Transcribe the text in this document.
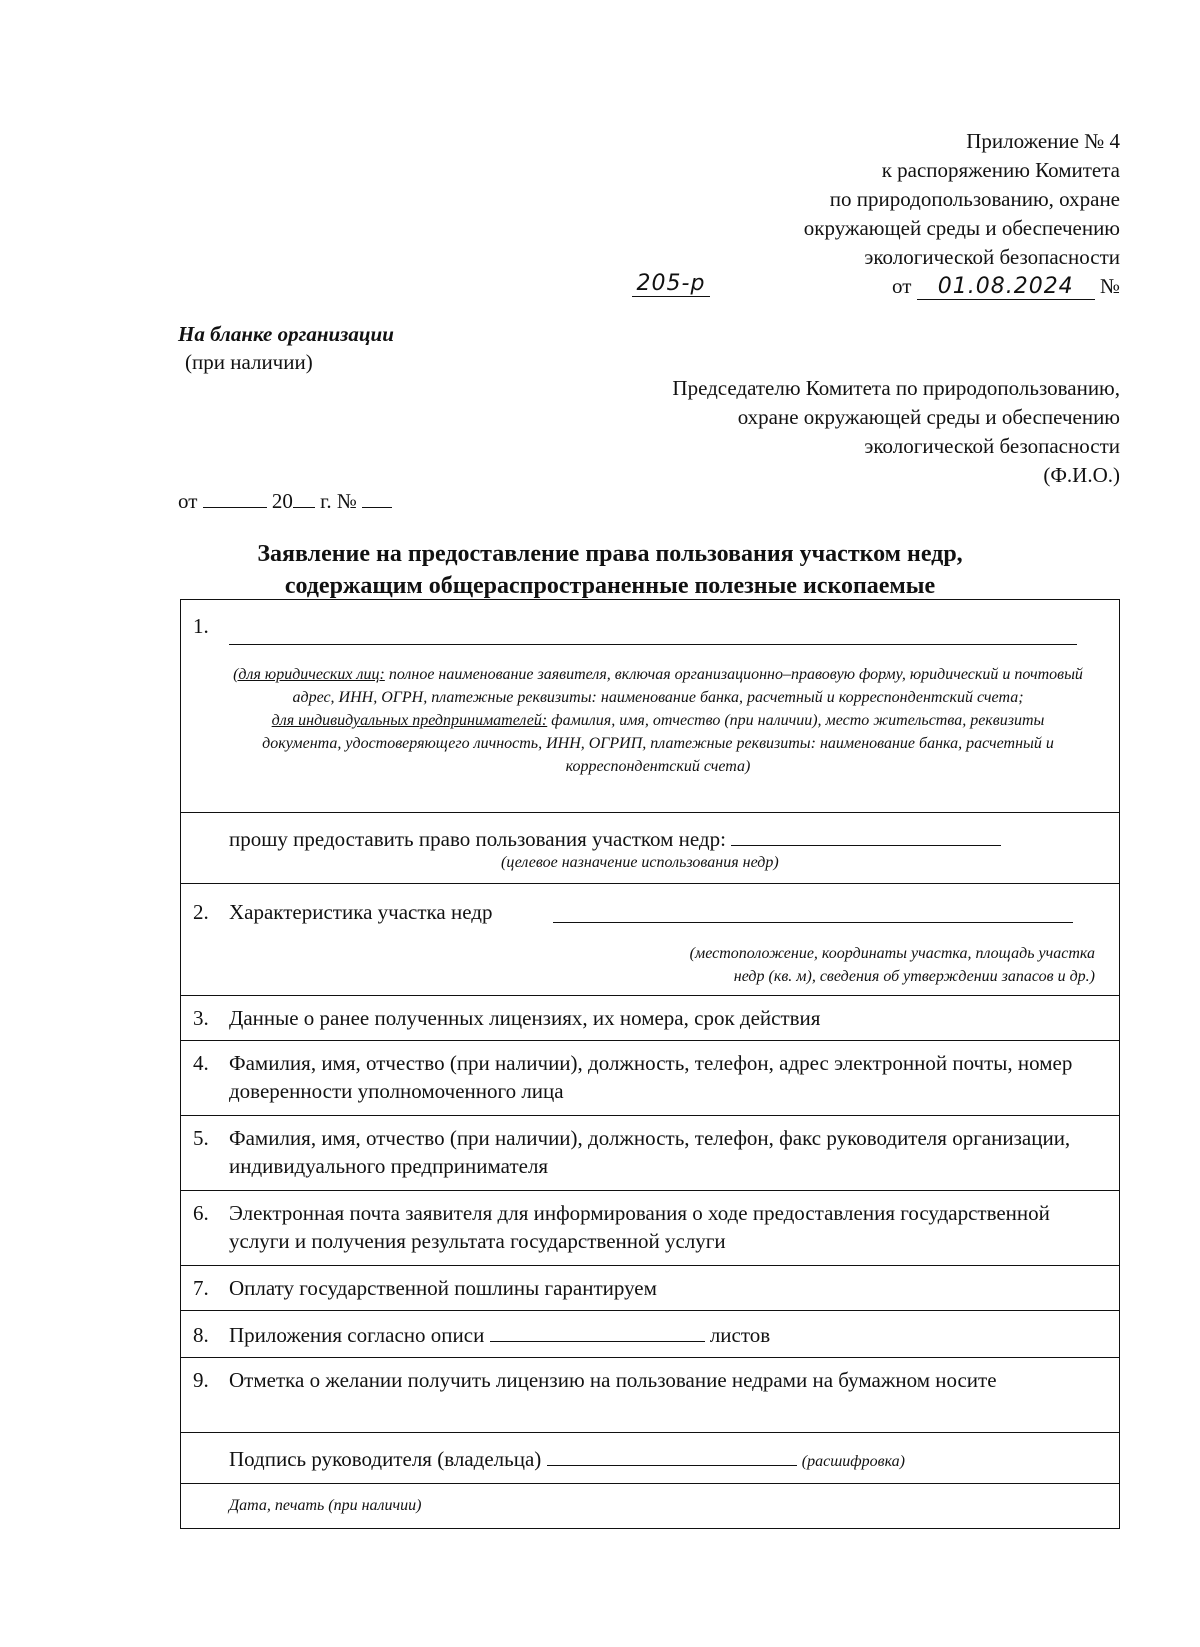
Приложение № 4
к распоряжению Комитета
по природопользованию, охране
окружающей среды и обеспечению
экологической безопасности
от 01.08.2024 №
205-р
На бланке организации
(при наличии)
Председателю Комитета по природопользованию,
охране окружающей среды и обеспечению
экологической безопасности
(Ф.И.О.)
от	20 г. №
Заявление на предоставление права пользования участком недр,
содержащим общераспространенные полезные ископаемые
1.
(для юридических лиц: полное наименование заявителя, включая организационно–правовую форму, юридический и почтовый адрес, ИНН, ОГРН, платежные реквизиты: наименование банка, расчетный и корреспондентский счета;
для индивидуальных предпринимателей: фамилия, имя, отчество (при наличии), место жительства, реквизиты документа, удостоверяющего личность, ИНН, ОГРИП, платежные реквизиты: наименование банка, расчетный и корреспондентский счета)
прошу предоставить право пользования участком недр:
(целевое назначение использования недр)
2. Характеристика участка недр
(местоположение, координаты участка, площадь участка
недр (кв. м), сведения об утверждении запасов и др.)
3. Данные о ранее полученных лицензиях, их номера, срок действия
4. Фамилия, имя, отчество (при наличии), должность, телефон, адрес электронной почты, номер доверенности уполномоченного лица
5. Фамилия, имя, отчество (при наличии), должность, телефон, факс руководителя организации, индивидуального предпринимателя
6. Электронная почта заявителя для информирования о ходе предоставления государственной услуги и получения результата государственной услуги
7. Оплату государственной пошлины гарантируем
8. Приложения согласно описи	листов
9. Отметка о желании получить лицензию на пользование недрами на бумажном носите
Подпись руководителя (владельца)	(расшифровка)
Дата, печать (при наличии)
